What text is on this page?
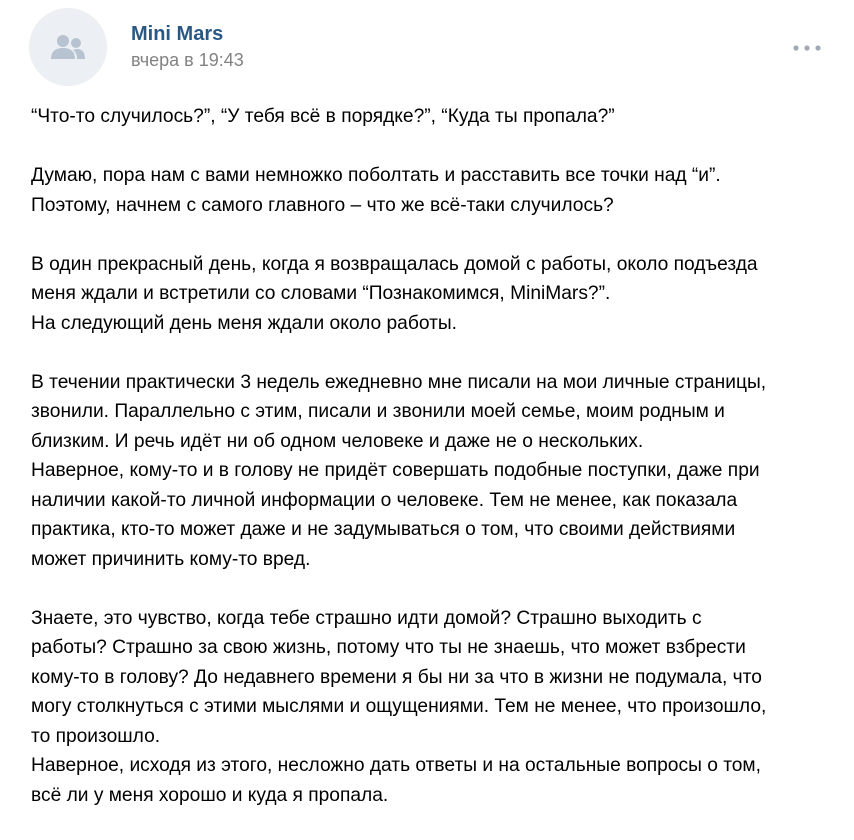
Mini Mars
вчера в 19:43

“Что-то случилось?”, “У тебя всё в порядке?”, “Куда ты пропала?”

Думаю, пора нам с вами немножко поболтать и расставить все точки над “и”.
Поэтому, начнем с самого главного – что же всё-таки случилось?

В один прекрасный день, когда я возвращалась домой с работы, около подъезда
меня ждали и встретили со словами “Познакомимся, MiniMars?”.
На следующий день меня ждали около работы.

В течении практически 3 недель ежедневно мне писали на мои личные страницы,
звонили. Параллельно с этим, писали и звонили моей семье, моим родным и
близким. И речь идёт ни об одном человеке и даже не о нескольких.
Наверное, кому-то и в голову не придёт совершать подобные поступки, даже при
наличии какой-то личной информации о человеке. Тем не менее, как показала
практика, кто-то может даже и не задумываться о том, что своими действиями
может причинить кому-то вред.

Знаете, это чувство, когда тебе страшно идти домой? Страшно выходить с
работы? Страшно за свою жизнь, потому что ты не знаешь, что может взбрести
кому-то в голову? До недавнего времени я бы ни за что в жизни не подумала, что
могу столкнуться с этими мыслями и ощущениями. Тем не менее, что произошло,
то произошло.
Наверное, исходя из этого, несложно дать ответы и на остальные вопросы о том,
всё ли у меня хорошо и куда я пропала.
